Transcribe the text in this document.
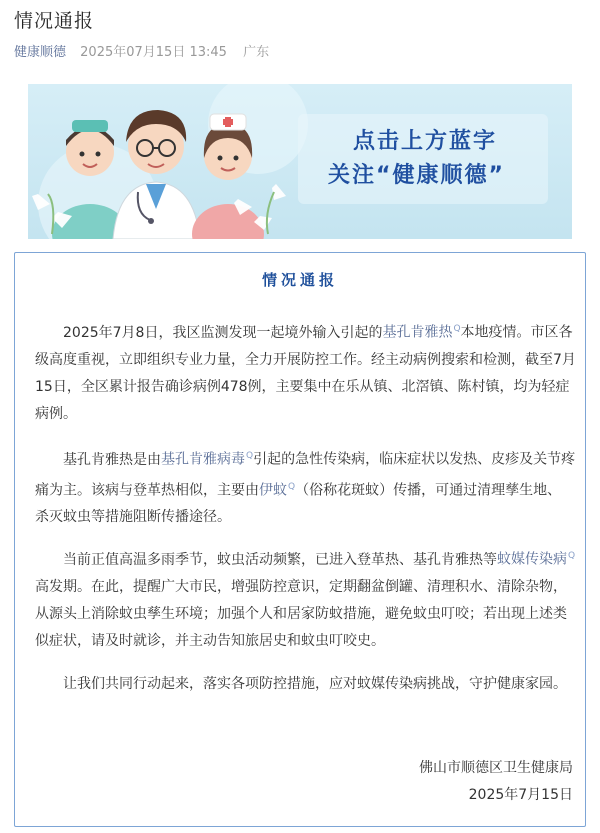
情况通报
健康顺德 2025年07月15日 13:45 广东
点击上方蓝字
关注“健康顺德”
情况通报
2025年7月8日，我区监测发现一起境外输入引起的基孔肯雅热$^Q$本地疫情。市区各
级高度重视，立即组织专业力量，全力开展防控工作。经主动病例搜索和检测，截至7月
15日，全区累计报告确诊病例478例，主要集中在乐从镇、北滘镇、陈村镇，均为轻症
病例。
基孔肯雅热是由基孔肯雅病毒$^Q$引起的急性传染病，临床症状以发热、皮疹及关节疼
痛为主。该病与登革热相似，主要由伊蚊$^Q$（俗称花斑蚊）传播，可通过清理孳生地、
杀灭蚊虫等措施阻断传播途径。
当前正值高温多雨季节，蚊虫活动频繁，已进入登革热、基孔肯雅热等蚊媒传染病$^Q$
高发期。在此，提醒广大市民，增强防控意识，定期翻盆倒罐、清理积水、清除杂物，
从源头上消除蚊虫孳生环境；加强个人和居家防蚊措施，避免蚊虫叮咬；若出现上述类
似症状，请及时就诊，并主动告知旅居史和蚊虫叮咬史。
让我们共同行动起来，落实各项防控措施，应对蚊媒传染病挑战，守护健康家园。
佛山市顺德区卫生健康局
2025年7月15日
